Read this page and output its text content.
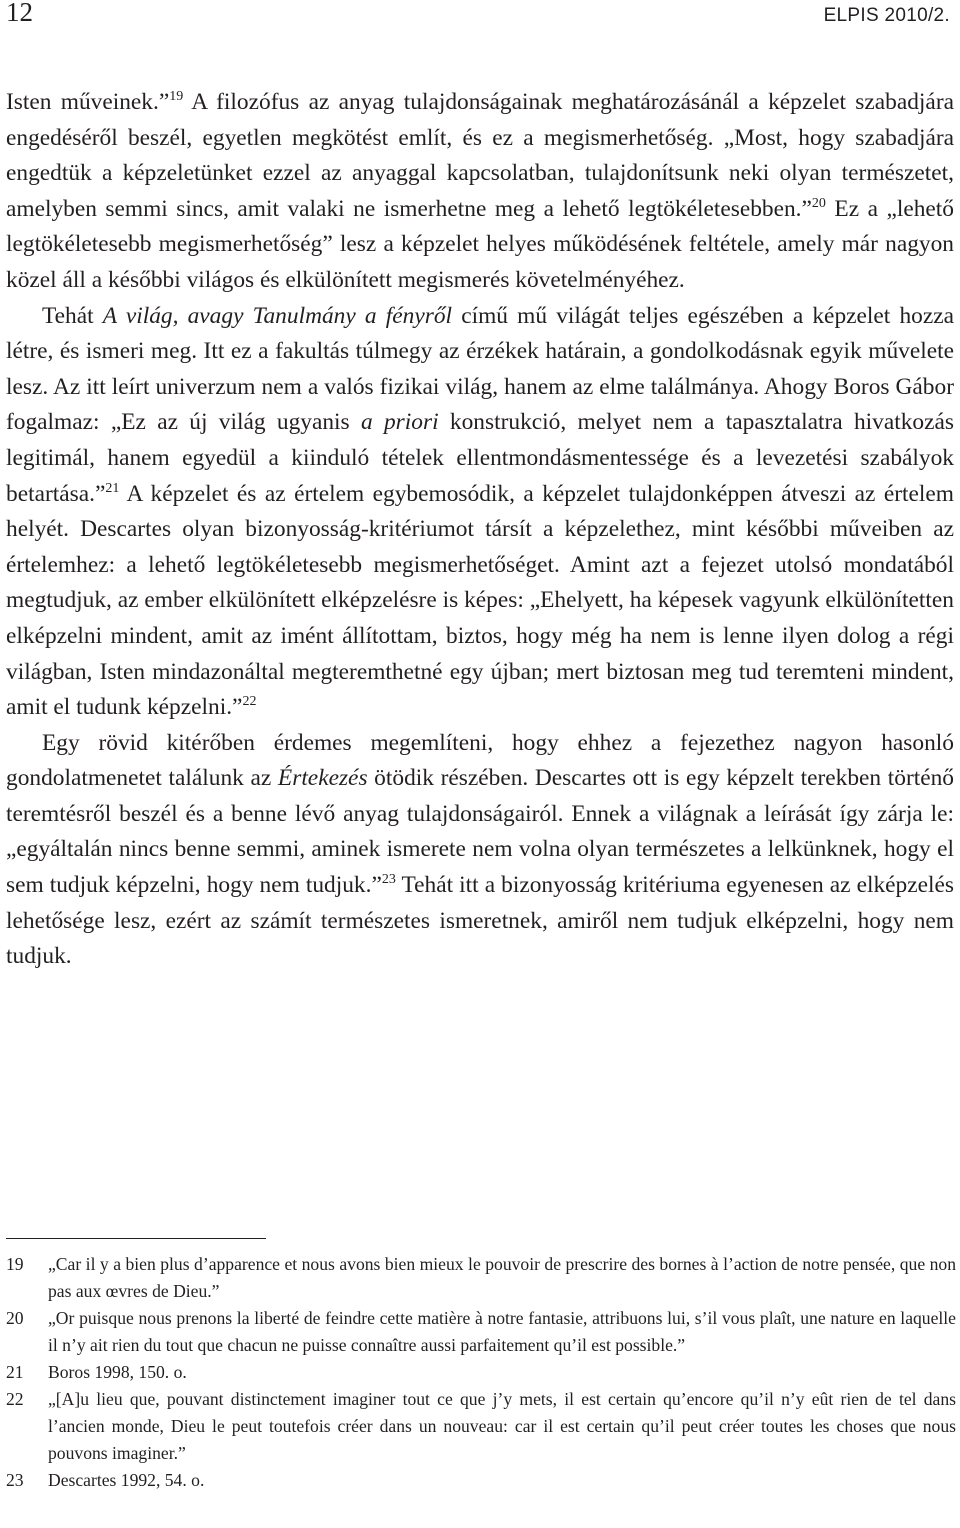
12	ELPIS 2010/2.

Isten műveinek.”$^{19}$ A filozófus az anyag tulajdonságainak meghatározásánál a képzelet szabadjára engedéséről beszél, egyetlen megkötést említ, és ez a megismerhetőség. „Most, hogy szabadjára engedtük a képzeletünket ezzel az anyaggal kapcsolatban, tulajdonítsunk neki olyan természetet, amelyben semmi sincs, amit valaki ne ismerhetne meg a lehető legtökéletesebben.”$^{20}$ Ez a „lehető legtökéletesebb megismerhetőség” lesz a képzelet helyes működésének feltétele, amely már nagyon közel áll a későbbi világos és elkülönített megismerés követelményéhez.

Tehát A világ, avagy Tanulmány a fényről című mű világát teljes egészében a képzelet hozza létre, és ismeri meg. Itt ez a fakultás túlmegy az érzékek határain, a gondolkodásnak egyik művelete lesz. Az itt leírt univerzum nem a valós fizikai világ, hanem az elme találmánya. Ahogy Boros Gábor fogalmaz: „Ez az új világ ugyanis a priori konstrukció, melyet nem a tapasztalatra hivatkozás legitimál, hanem egyedül a kiinduló tételek ellentmondásmentessége és a levezetési szabályok betartása.”$^{21}$ A képzelet és az értelem egybemosódik, a képzelet tulajdonképpen átveszi az értelem helyét. Descartes olyan bizonyosság-kritériumot társít a képzelethez, mint későbbi műveiben az értelemhez: a lehető legtökéletesebb megismerhetőséget. Amint azt a fejezet utolsó mondatából megtudjuk, az ember elkülönített elképzelésre is képes: „Ehelyett, ha képesek vagyunk elkülönítetten elképzelni mindent, amit az imént állítottam, biztos, hogy még ha nem is lenne ilyen dolog a régi világban, Isten mindazonáltal megteremthetné egy újban; mert biztosan meg tud teremteni mindent, amit el tudunk képzelni.”$^{22}$

Egy rövid kitérőben érdemes megemlíteni, hogy ehhez a fejezethez nagyon hasonló gondolatmenetet találunk az Értekezés ötödik részében. Descartes ott is egy képzelt terekben történő teremtésről beszél és a benne lévő anyag tulajdonságairól. Ennek a világnak a leírását így zárja le: „egyáltalán nincs benne semmi, aminek ismerete nem volna olyan természetes a lelkünknek, hogy el sem tudjuk képzelni, hogy nem tudjuk.”$^{23}$ Tehát itt a bizonyosság kritériuma egyenesen az elképzelés lehetősége lesz, ezért az számít természetes ismeretnek, amiről nem tudjuk elképzelni, hogy nem tudjuk.

19	„Car il y a bien plus d’apparence et nous avons bien mieux le pouvoir de prescrire des bornes à l’action de notre pensée, que non pas aux œvres de Dieu.”
20	„Or puisque nous prenons la liberté de feindre cette matière à notre fantasie, attribuons lui, s’il vous plaît, une nature en laquelle il n’y ait rien du tout que chacun ne puisse connaître aussi parfaitement qu’il est possible.”
21	Boros 1998, 150. o.
22	„[A]u lieu que, pouvant distinctement imaginer tout ce que j’y mets, il est certain qu’encore qu’il n’y eût rien de tel dans l’ancien monde, Dieu le peut toutefois créer dans un nouveau: car il est certain qu’il peut créer toutes les choses que nous pouvons imaginer.”
23	Descartes 1992, 54. o.
